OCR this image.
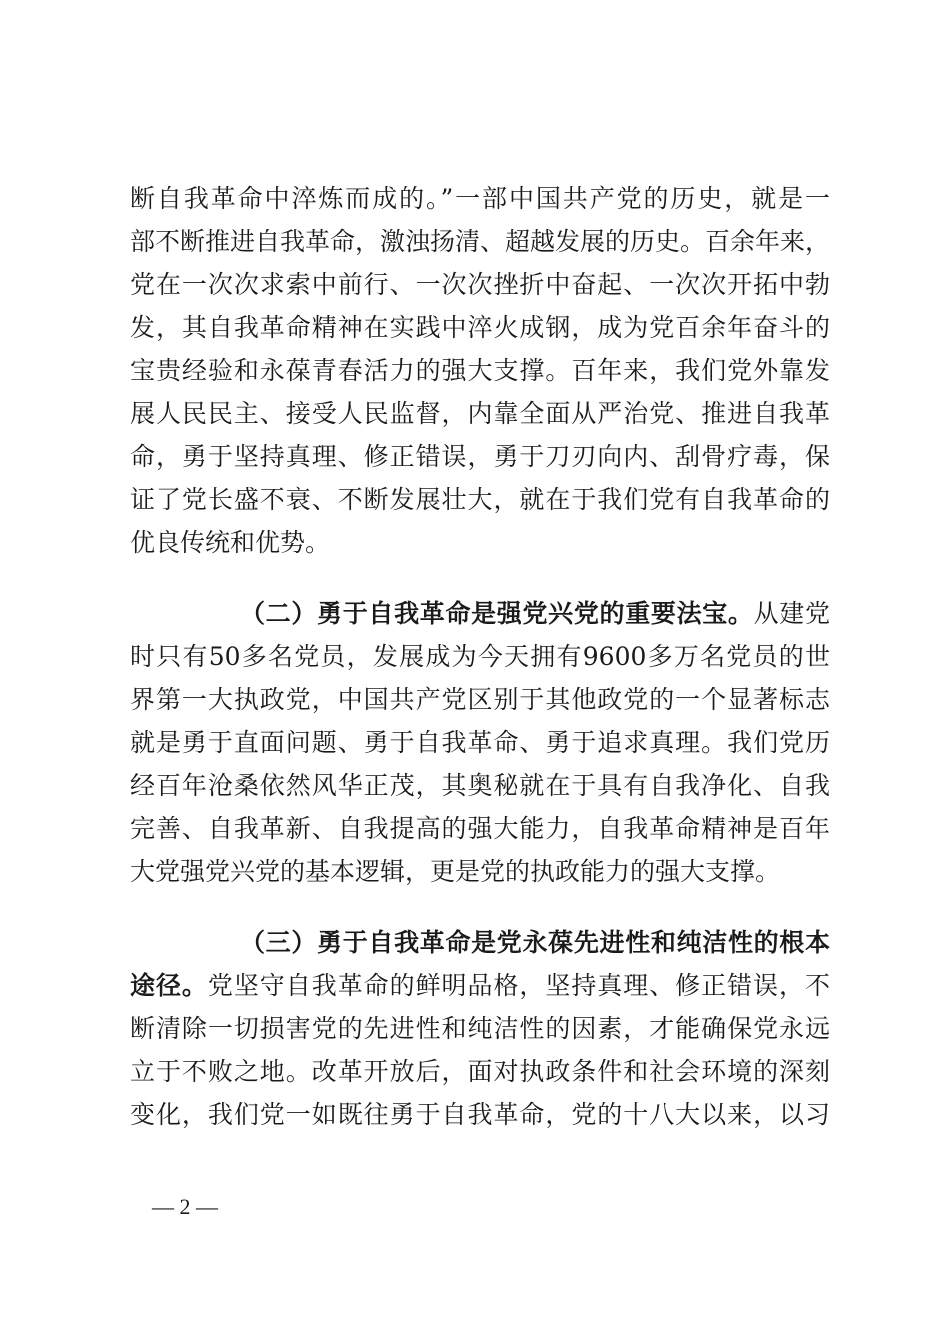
断自我革命中淬炼而成的。”一部中国共产党的历史，就是一
部不断推进自我革命，激浊扬清、超越发展的历史。百余年来，
党在一次次求索中前行、一次次挫折中奋起、一次次开拓中勃
发，其自我革命精神在实践中淬火成钢，成为党百余年奋斗的
宝贵经验和永葆青春活力的强大支撑。百年来，我们党外靠发
展人民民主、接受人民监督，内靠全面从严治党、推进自我革
命，勇于坚持真理、修正错误，勇于刀刃向内、刮骨疗毒，保
证了党长盛不衰、不断发展壮大，就在于我们党有自我革命的
优良传统和优势。
（二）勇于自我革命是强党兴党的重要法宝。从建党
时只有50多名党员，发展成为今天拥有9600多万名党员的世
界第一大执政党，中国共产党区别于其他政党的一个显著标志
就是勇于直面问题、勇于自我革命、勇于追求真理。我们党历
经百年沧桑依然风华正茂，其奥秘就在于具有自我净化、自我
完善、自我革新、自我提高的强大能力，自我革命精神是百年
大党强党兴党的基本逻辑，更是党的执政能力的强大支撑。
（三）勇于自我革命是党永葆先进性和纯洁性的根本
途径。党坚守自我革命的鲜明品格，坚持真理、修正错误，不
断清除一切损害党的先进性和纯洁性的因素，才能确保党永远
立于不败之地。改革开放后，面对执政条件和社会环境的深刻
变化，我们党一如既往勇于自我革命，党的十八大以来，以习
— 2 —
